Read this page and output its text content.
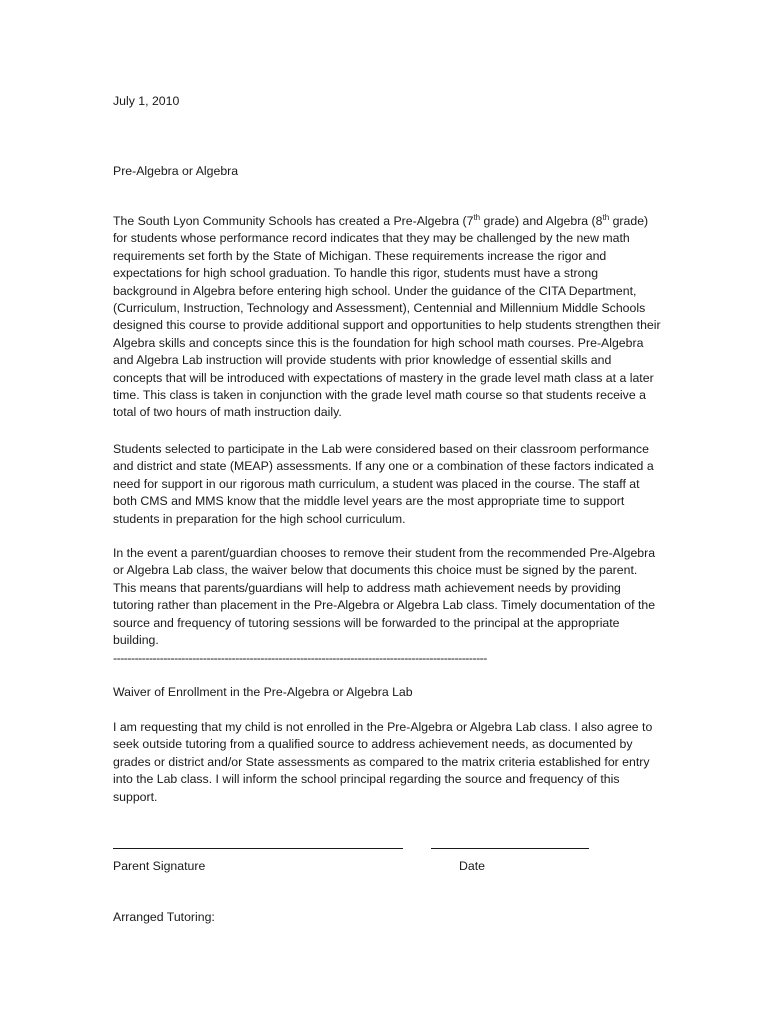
July 1, 2010

Pre-Algebra or Algebra

The South Lyon Community Schools has created a Pre-Algebra (7th grade) and Algebra (8th grade) for students whose performance record indicates that they may be challenged by the new math requirements set forth by the State of Michigan. These requirements increase the rigor and expectations for high school graduation. To handle this rigor, students must have a strong background in Algebra before entering high school. Under the guidance of the CITA Department, (Curriculum, Instruction, Technology and Assessment), Centennial and Millennium Middle Schools designed this course to provide additional support and opportunities to help students strengthen their Algebra skills and concepts since this is the foundation for high school math courses. Pre-Algebra and Algebra Lab instruction will provide students with prior knowledge of essential skills and concepts that will be introduced with expectations of mastery in the grade level math class at a later time. This class is taken in conjunction with the grade level math course so that students receive a total of two hours of math instruction daily.

Students selected to participate in the Lab were considered based on their classroom performance and district and state (MEAP) assessments. If any one or a combination of these factors indicated a need for support in our rigorous math curriculum, a student was placed in the course. The staff at both CMS and MMS know that the middle level years are the most appropriate time to support students in preparation for the high school curriculum.

In the event a parent/guardian chooses to remove their student from the recommended Pre-Algebra or Algebra Lab class, the waiver below that documents this choice must be signed by the parent. This means that parents/guardians will help to address math achievement needs by providing tutoring rather than placement in the Pre-Algebra or Algebra Lab class. Timely documentation of the source and frequency of tutoring sessions will be forwarded to the principal at the appropriate building.

--------------------------------------------------------------------------------------------------------

Waiver of Enrollment in the Pre-Algebra or Algebra Lab

I am requesting that my child is not enrolled in the Pre-Algebra or Algebra Lab class. I also agree to seek outside tutoring from a qualified source to address achievement needs, as documented by grades or district and/or State assessments as compared to the matrix criteria established for entry into the Lab class. I will inform the school principal regarding the source and frequency of this support.

Parent Signature	Date

Arranged Tutoring:
